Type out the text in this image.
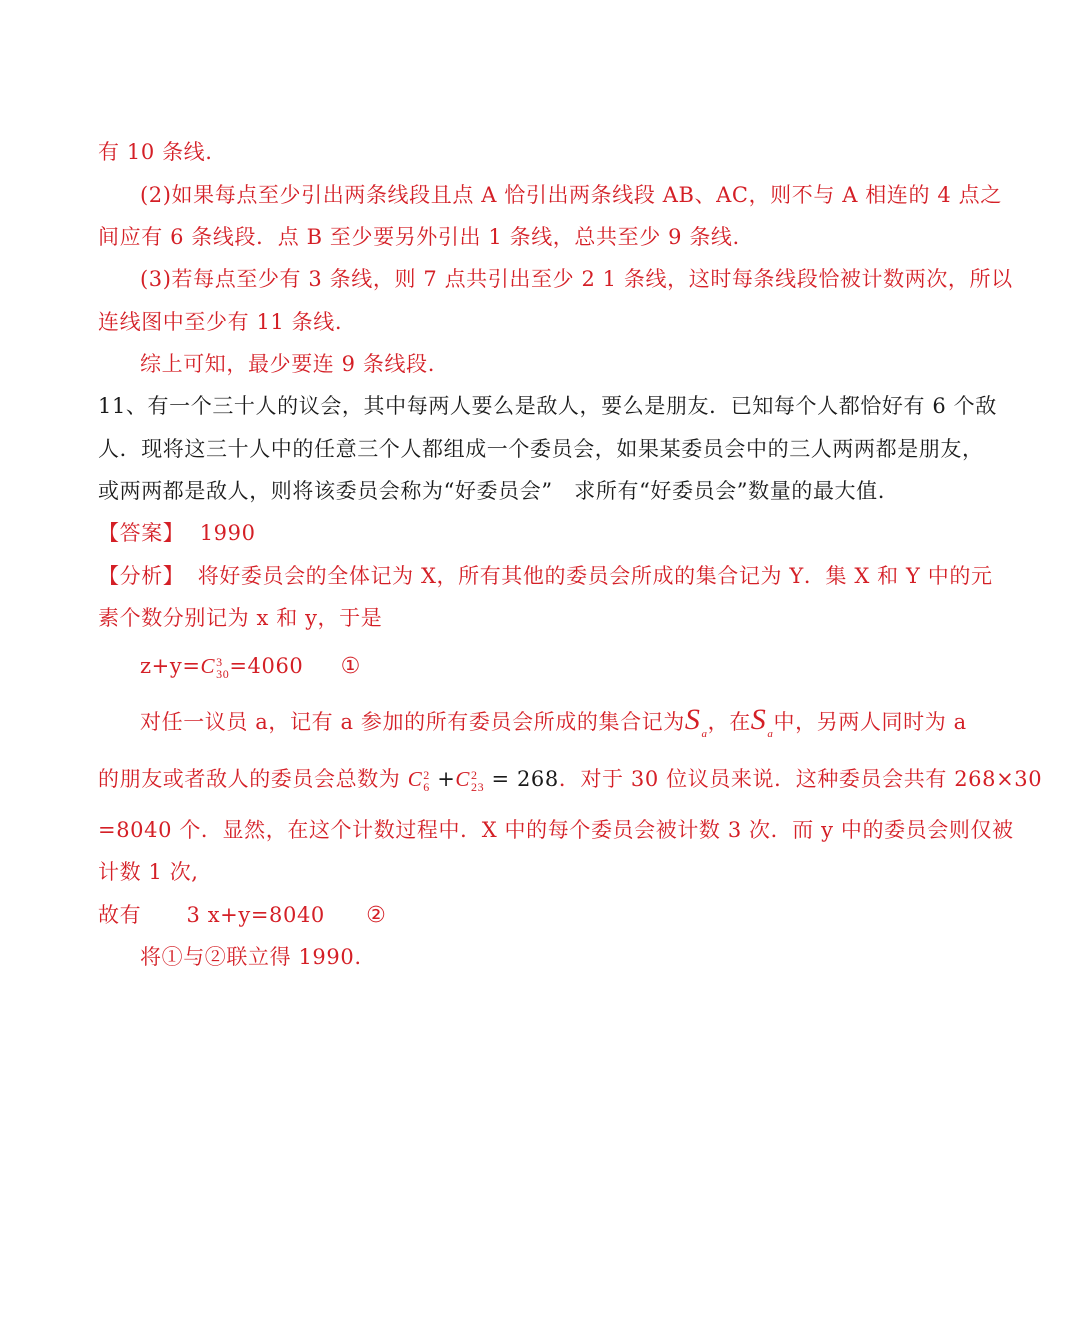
有 10 条线.
(2)如果每点至少引出两条线段且点 A 恰引出两条线段 AB、AC，则不与 A 相连的 4 点之
间应有 6 条线段．点 B 至少要另外引出 1 条线，总共至少 9 条线.
(3)若每点至少有 3 条线，则 7 点共引出至少 2 1 条线，这时每条线段恰被计数两次，所以
连线图中至少有 11 条线.
综上可知，最少要连 9 条线段.
11、有一个三十人的议会，其中每两人要么是敌人，要么是朋友．已知每个人都恰好有 6 个敌
人．现将这三十人中的任意三个人都组成一个委员会，如果某委员会中的三人两两都是朋友，
或两两都是敌人，则将该委员会称为“好委员会”　求所有“好委员会”数量的最大值.
【答案】 1990
【分析】 将好委员会的全体记为 X，所有其他的委员会所成的集合记为 Y．集 X 和 Y 中的元
素个数分别记为 x 和 y，于是
z+y=C 3
30 =4060 ①
对任一议员 a，记有 a 参加的所有委员会所成的集合记为$S_a$，在$S_a$中，另两人同时为 a
的朋友或者敌人的委员会总数为 C 2
6 +C 2
23 = 268．对于 30 位议员来说．这种委员会共有 268×30
=8040 个．显然，在这个计数过程中．X 中的每个委员会被计数 3 次．而 y 中的委员会则仅被
计数 1 次,
故有 3 x+y=8040 ②
将①与②联立得 1990.
